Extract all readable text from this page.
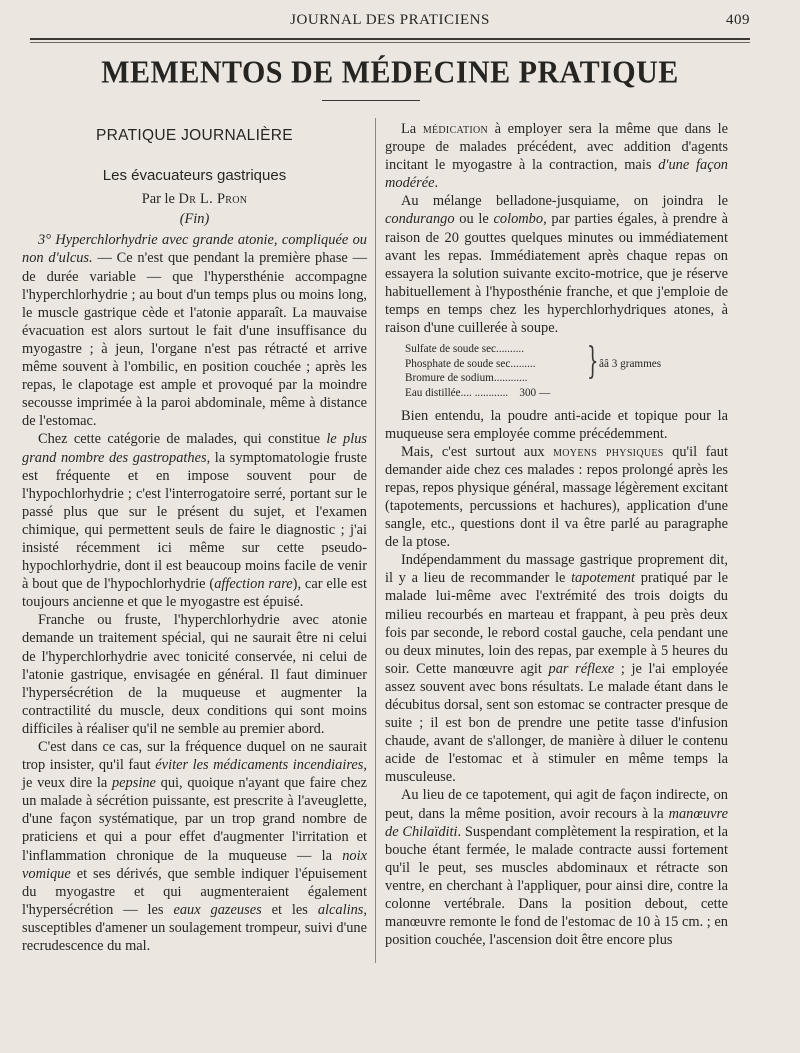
JOURNAL DES PRATICIENS	409
MEMENTOS DE MÉDECINE PRATIQUE
PRATIQUE JOURNALIÈRE
Les évacuateurs gastriques
Par le Dr L. Pron
(Fin)

3° Hyperchlorhydrie avec grande atonie, compliquée ou non d'ulcus. — Ce n'est que pendant la première phase — de durée variable — que l'hypersthénie accompagne l'hyperchlorhydrie ; au bout d'un temps plus ou moins long, le muscle gastrique cède et l'atonie apparaît. La mauvaise évacuation est alors surtout le fait d'une insuffisance du myogastre ; à jeun, l'organe n'est pas rétracté et arrive même souvent à l'ombilic, en position couchée ; après les repas, le clapotage est ample et provoqué par la moindre secousse imprimée à la paroi abdominale, même à distance de l'estomac.

Chez cette catégorie de malades, qui constitue le plus grand nombre des gastropathes, la symptomatologie fruste est fréquente et en impose souvent pour de l'hypochlorhydrie ; c'est l'interrogatoire serré, portant sur le passé plus que sur le présent du sujet, et l'examen chimique, qui permettent seuls de faire le diagnostic ; j'ai insisté récemment ici même sur cette pseudo-hypochlorhydrie, dont il est beaucoup moins facile de venir à bout que de l'hypochlorhydrie (affection rare), car elle est toujours ancienne et que le myogastre est épuisé.

Franche ou fruste, l'hyperchlorhydrie avec atonie demande un traitement spécial, qui ne saurait être ni celui de l'hyperchlorhydrie avec tonicité conservée, ni celui de l'atonie gastrique, envisagée en général. Il faut diminuer l'hypersécrétion de la muqueuse et augmenter la contractilité du muscle, deux conditions qui sont moins difficiles à réaliser qu'il ne semble au premier abord.

C'est dans ce cas, sur la fréquence duquel on ne saurait trop insister, qu'il faut éviter les médicaments incendiaires, je veux dire la pepsine qui, quoique n'ayant que faire chez un malade à sécrétion puissante, est prescrite à l'aveuglette, d'une façon systématique, par un trop grand nombre de praticiens et qui a pour effet d'augmenter l'irritation et l'inflammation chronique de la muqueuse — la noix vomique et ses dérivés, que semble indiquer l'épuisement du myogastre et qui augmenteraient également l'hypersécrétion — les eaux gazeuses et les alcalins, susceptibles d'amener un soulagement trompeur, suivi d'une recrudescence du mal.

La médication à employer sera la même que dans le groupe de malades précédent, avec addition d'agents incitant le myogastre à la contraction, mais d'une façon modérée.

Au mélange belladone-jusquiame, on joindra le condurango ou le colombo, par parties égales, à prendre à raison de 20 gouttes quelques minutes ou immédiatement avant les repas. Immédiatement après chaque repas on essayera la solution suivante excito-motrice, que je réserve habituellement à l'hyposthénie franche, et que j'emploie de temps en temps chez les hyperchlorhydriques atones, à raison d'une cuillerée à soupe.

Sulfate de soude sec..........	} ââ 3 grammes
Phosphate de soude sec.........
Bromure de sodium............
Eau distillée.... ............ 300 —

Bien entendu, la poudre anti-acide et topique pour la muqueuse sera employée comme précédemment.

Mais, c'est surtout aux moyens physiques qu'il faut demander aide chez ces malades : repos prolongé après les repas, repos physique général, massage légèrement excitant (tapotements, percussions et hachures), application d'une sangle, etc., questions dont il va être parlé au paragraphe de la ptose.

Indépendamment du massage gastrique proprement dit, il y a lieu de recommander le tapotement pratiqué par le malade lui-même avec l'extrémité des trois doigts du milieu recourbés en marteau et frappant, à peu près deux fois par seconde, le rebord costal gauche, cela pendant une ou deux minutes, loin des repas, par exemple à 5 heures du soir. Cette manœuvre agit par réflexe ; je l'ai employée assez souvent avec bons résultats. Le malade étant dans le décubitus dorsal, sent son estomac se contracter presque de suite ; il est bon de prendre une petite tasse d'infusion chaude, avant de s'allonger, de manière à diluer le contenu acide de l'estomac et à stimuler en même temps la musculeuse.

Au lieu de ce tapotement, qui agit de façon indirecte, on peut, dans la même position, avoir recours à la manœuvre de Chilaïditi. Suspendant complètement la respiration, et la bouche étant fermée, le malade contracte aussi fortement qu'il le peut, ses muscles abdominaux et rétracte son ventre, en cherchant à l'appliquer, pour ainsi dire, contre la colonne vertébrale. Dans la position debout, cette manœuvre remonte le fond de l'estomac de 10 à 15 cm. ; en position couchée, l'ascension doit être encore plus
